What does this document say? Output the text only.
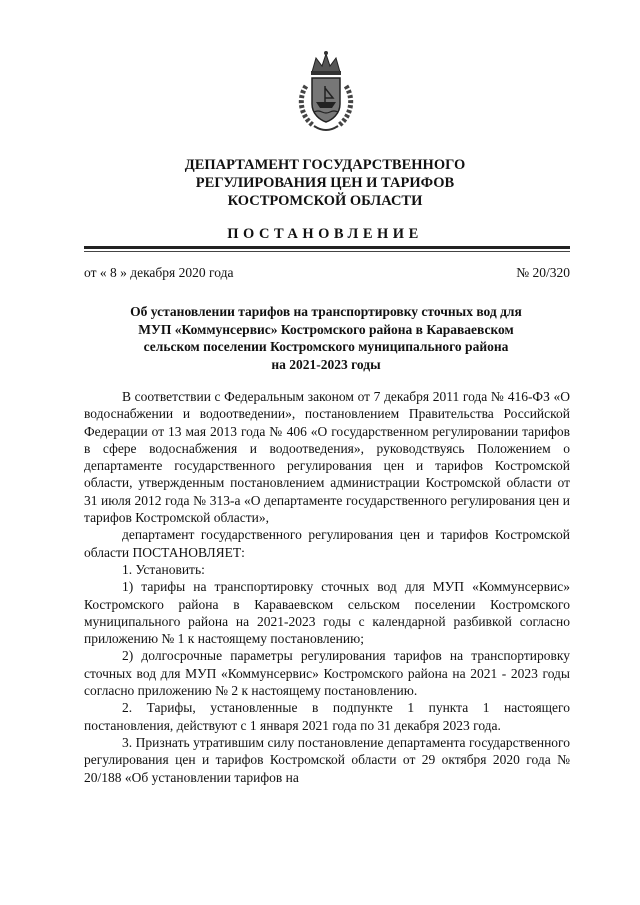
ДЕПАРТАМЕНТ ГОСУДАРСТВЕННОГО
РЕГУЛИРОВАНИЯ ЦЕН И ТАРИФОВ
КОСТРОМСКОЙ ОБЛАСТИ
ПОСТАНОВЛЕНИЕ
от « 8 » декабря 2020 года	№ 20/320
Об установлении тарифов на транспортировку сточных вод для
МУП «Коммунсервис» Костромского района в Караваевском
сельском поселении Костромского муниципального района
на 2021-2023 годы

В соответствии с Федеральным законом от 7 декабря 2011 года № 416-ФЗ «О водоснабжении и водоотведении», постановлением Правительства Российской Федерации от 13 мая 2013 года № 406 «О государственном регулировании тарифов в сфере водоснабжения и водоотведения», руководствуясь Положением о департаменте государственного регулирования цен и тарифов Костромской области, утвержденным постановлением администрации Костромской области от 31 июля 2012 года № 313-а «О департаменте государственного регулирования цен и тарифов Костромской области»,

департамент государственного регулирования цен и тарифов Костромской области ПОСТАНОВЛЯЕТ:

1. Установить:

1) тарифы на транспортировку сточных вод для МУП «Коммунсервис» Костромского района в Караваевском сельском поселении Костромского муниципального района на 2021-2023 годы с календарной разбивкой согласно приложению № 1 к настоящему постановлению;

2) долгосрочные параметры регулирования тарифов на транспортировку сточных вод для МУП «Коммунсервис» Костромского района на 2021 - 2023 годы согласно приложению № 2 к настоящему постановлению.

2. Тарифы, установленные в подпункте 1 пункта 1 настоящего постановления, действуют с 1 января 2021 года по 31 декабря 2023 года.

3. Признать утратившим силу постановление департамента государственного регулирования цен и тарифов Костромской области от 29 октября 2020 года № 20/188 «Об установлении тарифов на
